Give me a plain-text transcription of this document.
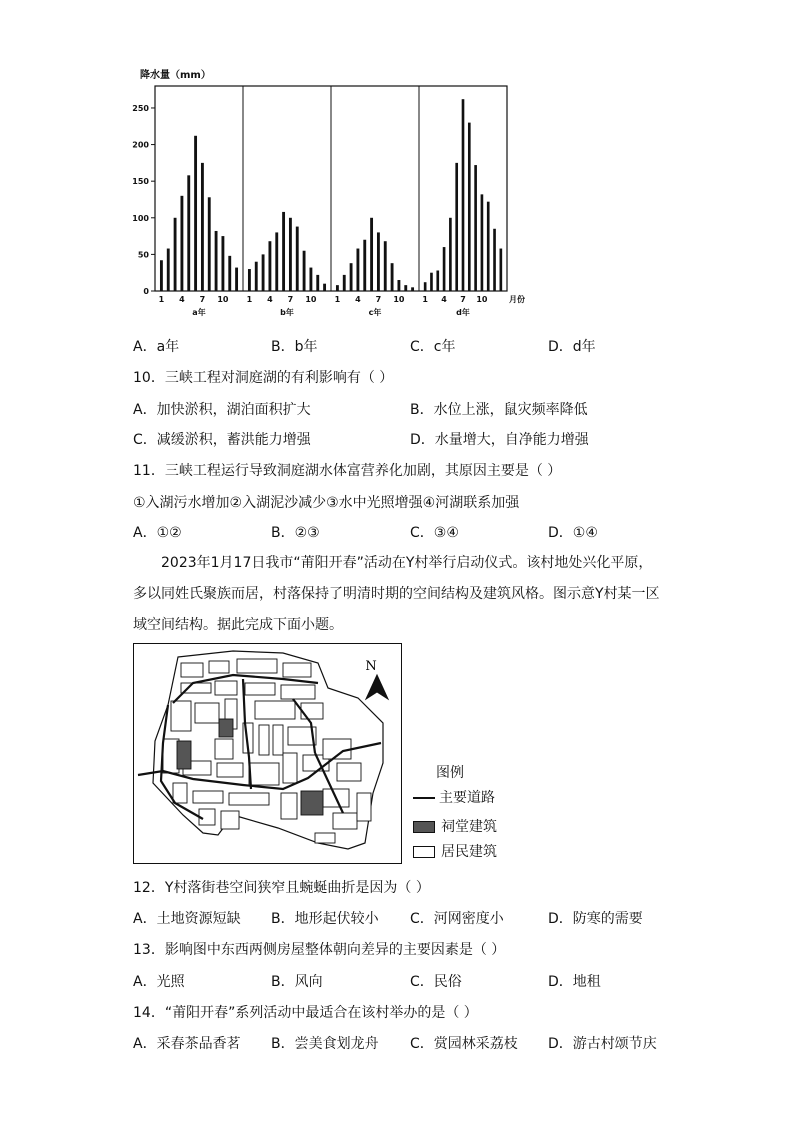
降水量（mm）
0
50
100
150
200
250
1 4 7 10
a年
1 4 7 10
b年
1 4 7 10
c年
1 4 7 10
d年
月份
A．a年	B．b年	C．c年	D．d年
10．三峡工程对洞庭湖的有利影响有（ ）
A．加快淤积，湖泊面积扩大	B．水位上涨，鼠灾频率降低
C．减缓淤积，蓄洪能力增强	D．水量增大，自净能力增强
11．三峡工程运行导致洞庭湖水体富营养化加剧，其原因主要是（ ）
①入湖污水增加②入湖泥沙减少③水中光照增强④河湖联系加强
A．①②	B．②③	C．③④	D．①④
2023年1月17日我市“莆阳开春”活动在Y村举行启动仪式。该村地处兴化平原，多以同姓氏聚族而居，村落保持了明清时期的空间结构及建筑风格。图示意Y村某一区域空间结构。据此完成下面小题。
N
图例
主要道路
祠堂建筑
居民建筑
12．Y村落街巷空间狭窄且蜿蜒曲折是因为（ ）
A．土地资源短缺 B．地形起伏较小 C．河网密度小	D．防寒的需要
13．影响图中东西两侧房屋整体朝向差异的主要因素是（ ）
A．光照	B．风向	C．民俗	D．地租
14．“莆阳开春”系列活动中最适合在该村举办的是（ ）
A．采春茶品香茗 B．尝美食划龙舟 C．赏园林采荔枝 D．游古村颂节庆
